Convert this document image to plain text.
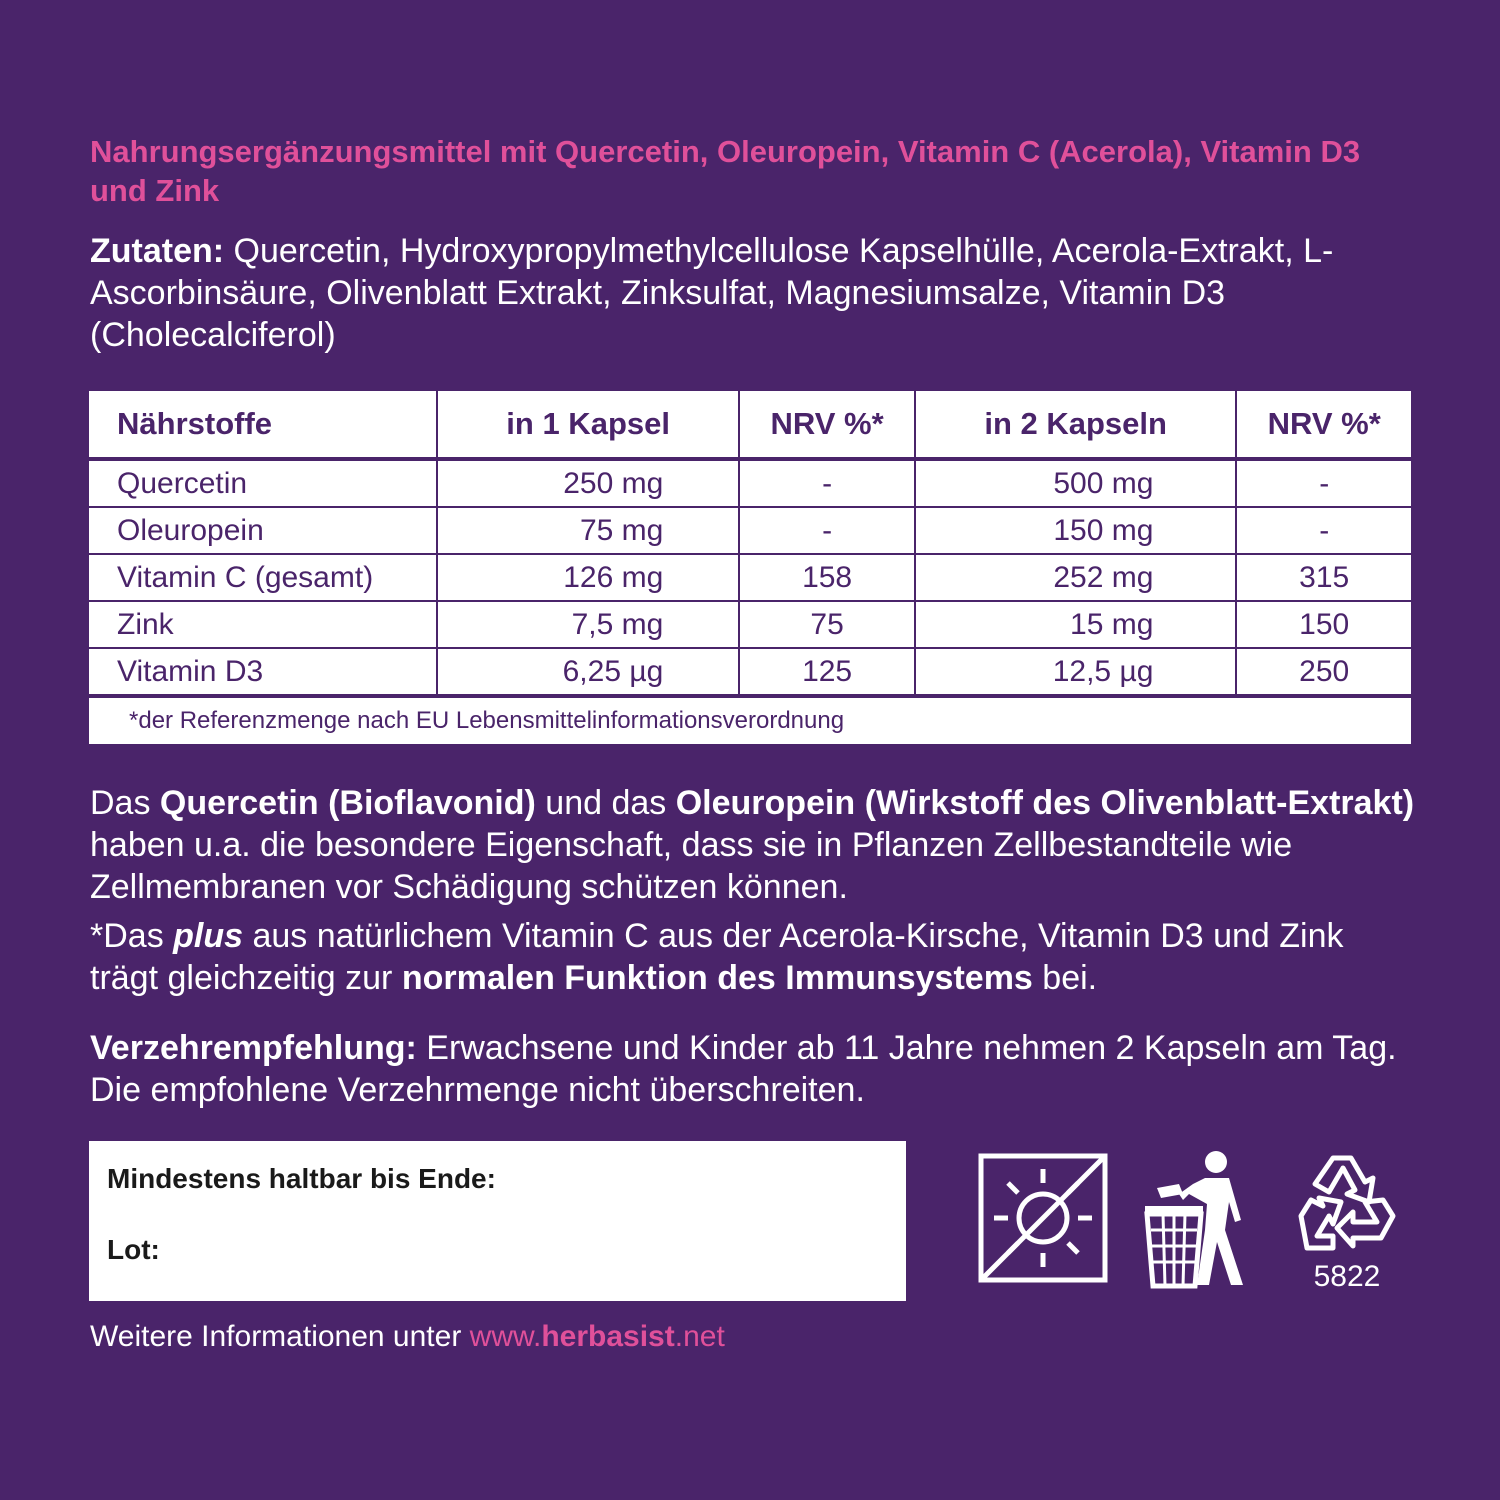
Nahrungsergänzungsmittel mit Quercetin, Oleuropein, Vitamin C (Acerola), Vitamin D3 und Zink
Zutaten: Quercetin, Hydroxypropylmethylcellulose Kapselhülle, Acerola-Extrakt, L-Ascorbinsäure, Olivenblatt Extrakt, Zinksulfat, Magnesiumsalze, Vitamin D3 (Cholecalciferol)
Nährstoffe	in 1 Kapsel	NRV %*	in 2 Kapseln	NRV %*
Quercetin	250 mg	-	500 mg	-
Oleuropein	75 mg	-	150 mg	-
Vitamin C (gesamt)	126 mg	158	252 mg	315
Zink	7,5 mg	75	15 mg	150
Vitamin D3	6,25 µg	125	12,5 µg	250
*der Referenzmenge nach EU Lebensmittelinformationsverordnung				
Das Quercetin (Bioflavonid) und das Oleuropein (Wirkstoff des Olivenblatt-Extrakt) haben u.a. die besondere Eigenschaft, dass sie in Pflanzen Zellbestandteile wie Zellmembranen vor Schädigung schützen können.
*Das plus aus natürlichem Vitamin C aus der Acerola-Kirsche, Vitamin D3 und Zink trägt gleichzeitig zur normalen Funktion des Immunsystems bei.
Verzehrempfehlung: Erwachsene und Kinder ab 11 Jahre nehmen 2 Kapseln am Tag. Die empfohlene Verzehrmenge nicht überschreiten.
Mindestens haltbar bis Ende:
Lot:
5822
Weitere Informationen unter www.herbasist.net
